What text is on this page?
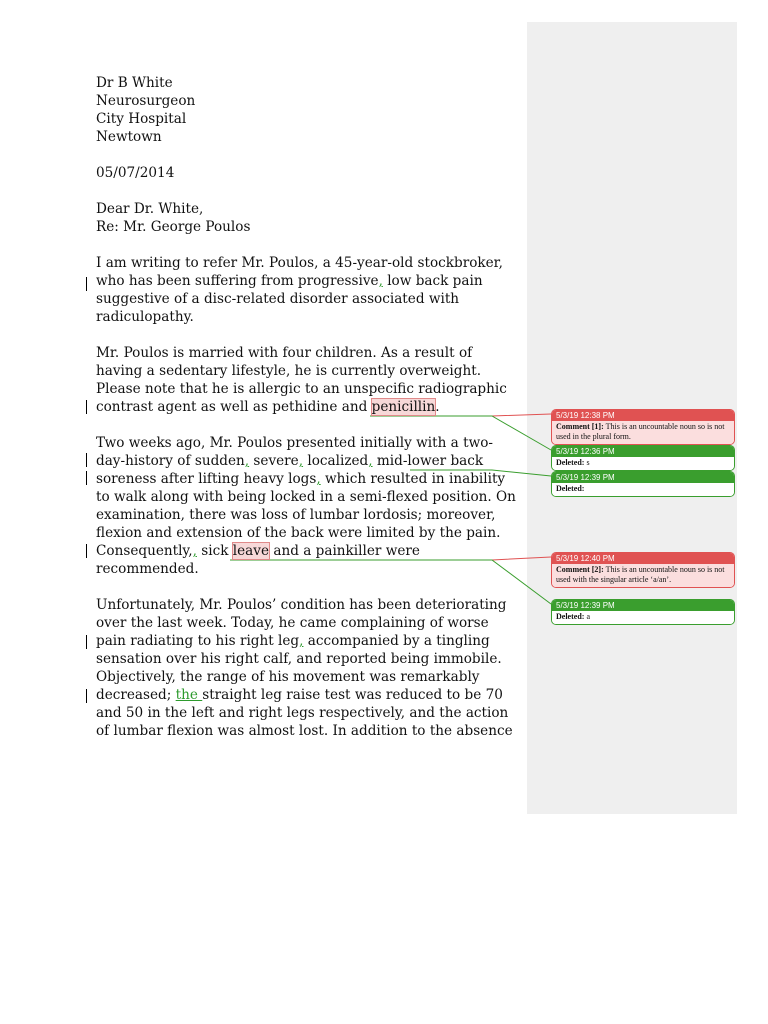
Dr B White
Neurosurgeon
City Hospital
Newtown
05/07/2014
Dear Dr. White,
Re: Mr. George Poulos
I am writing to refer Mr. Poulos, a 45-year-old stockbroker,
who has been suffering from progressive, low back pain
suggestive of a disc-related disorder associated with
radiculopathy.
Mr. Poulos is married with four children. As a result of
having a sedentary lifestyle, he is currently overweight.
Please note that he is allergic to an unspecific radiographic
contrast agent as well as pethidine and penicillin.
Two weeks ago, Mr. Poulos presented initially with a two-
day-history of sudden, severe, localized, mid-lower back
soreness after lifting heavy logs, which resulted in inability
to walk along with being locked in a semi-flexed position. On
examination, there was loss of lumbar lordosis; moreover,
flexion and extension of the back were limited by the pain.
Consequently,, sick leave and a painkiller were
recommended.
Unfortunately, Mr. Poulos’ condition has been deteriorating
over the last week. Today, he came complaining of worse
pain radiating to his right leg, accompanied by a tingling
sensation over his right calf, and reported being immobile.
Objectively, the range of his movement was remarkably
decreased; the straight leg raise test was reduced to be 70
and 50 in the left and right legs respectively, and the action
of lumbar flexion was almost lost. In addition to the absence
5/3/19 12:38 PM
Comment [1]: This is an uncountable noun so is not used in the plural form.
5/3/19 12:36 PM
Deleted: s
5/3/19 12:39 PM
Deleted:
5/3/19 12:40 PM
Comment [2]: This is an uncountable noun so is not used with the singular article ‘a/an’.
5/3/19 12:39 PM
Deleted: a
